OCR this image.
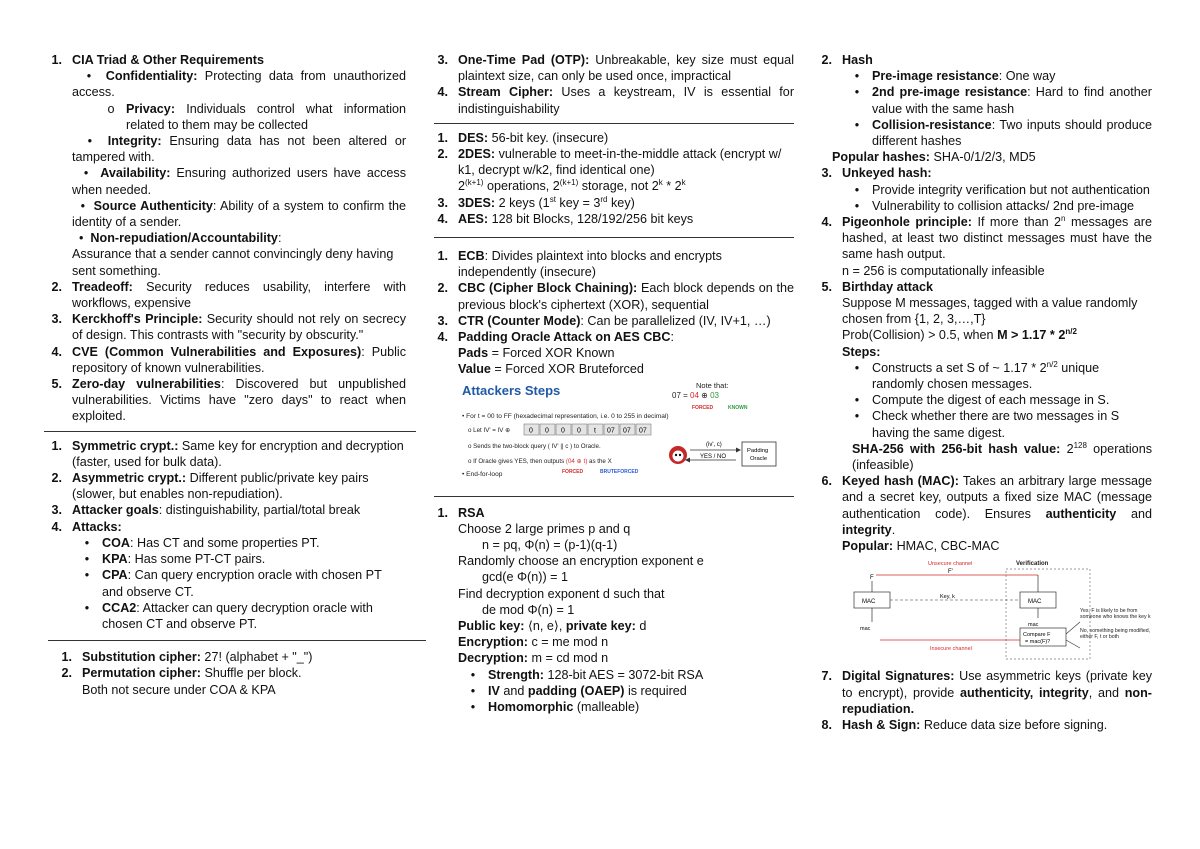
1. CIA Triad & Other Requirements
• Confidentiality: Protecting data from unauthorized access.
o Privacy: Individuals control what information related to them may be collected
• Integrity: Ensuring data has not been altered or tampered with.
• Availability: Ensuring authorized users have access when needed.
• Source Authenticity: Ability of a system to confirm the identity of a sender.
• Non-repudiation/Accountability:
Assurance that a sender cannot convincingly deny having sent something.
2. Treadeoff: Security reduces usability, interfere with workflows, expensive
3. Kerckhoff's Principle: Security should not rely on secrecy of design. This contrasts with "security by obscurity."
4. CVE (Common Vulnerabilities and Exposures): Public repository of known vulnerabilities.
5. Zero-day vulnerabilities: Discovered but unpublished vulnerabilities. Victims have "zero days" to react when exploited.
1. Symmetric crypt.: Same key for encryption and decryption (faster, used for bulk data).
2. Asymmetric crypt.: Different public/private key pairs (slower, but enables non-repudiation).
3. Attacker goals: distinguishability, partial/total break
4. Attacks:
•	COA: Has CT and some properties PT.
•	KPA: Has some PT-CT pairs.
•	CPA: Can query encryption oracle with chosen PT and observe CT.
•	CCA2: Attacker can query decryption oracle with chosen CT and observe PT.
1. Substitution cipher: 27! (alphabet + "_")
2. Permutation cipher: Shuffle per block.
Both not secure under COA & KPA
3. One-Time Pad (OTP): Unbreakable, key size must equal plaintext size, can only be used once, impractical
4. Stream Cipher: Uses a keystream, IV is essential for indistinguishability
1. DES: 56-bit key. (insecure)
2. 2DES: vulnerable to meet-in-the-middle attack (encrypt w/ k1, decrypt w/k2, find identical one)
$2^{(k+1)}$ operations, $2^{(k+1)}$ storage, not 2$^k$ * 2$^k$
3. 3DES: 2 keys (1st key = 3rd key)
4. AES: 128 bit Blocks, 128/192/256 bit keys
1. ECB: Divides plaintext into blocks and encrypts independently (insecure)
2. CBC (Cipher Block Chaining): Each block depends on the previous block's ciphertext (XOR), sequential
3. CTR (Counter Mode): Can be parallelized (IV, IV+1, …)
4. Padding Oracle Attack on AES CBC:
Pads = Forced XOR Known
Value = Forced XOR Bruteforced
Attackers Steps	Note that:
07 = 04 ⊕ 03
FORCED	KNOWN
• For t = 00 to FF (hexadecimal representation, i.e. 0 to 255 in decimal)
o Let IV' = IV ⊕	0 0 0 0 t 07 07 07
o Sends the two-block query ( IV' || c ) to Oracle.
o If Oracle gives YES, then outputs (04 ⊕ t) as the X
FORCED	BRUTEFORCED
• End-for-loop
(iv', c)
YES / NO
Padding
Oracle
1. RSA
Choose 2 large primes p and q
n = pq, Φ(n) = (p-1)(q-1)
Randomly choose an encryption exponent e
gcd(e Φ(n)) = 1
Find decryption exponent d such that
de mod Φ(n) = 1
Public key: ⟨n, e⟩, private key: d
Encryption: c = me mod n
Decryption: m = cd mod n
•	Strength: 128-bit AES = 3072-bit RSA
•	IV and padding (OAEP) is required
•	Homomorphic (malleable)
2. Hash
•	Pre-image resistance: One way
•	2nd pre-image resistance: Hard to find another value with the same hash
•	Collision-resistance: Two inputs should produce different hashes
Popular hashes: SHA-0/1/2/3, MD5
3. Unkeyed hash:
•	Provide integrity verification but not authentication
•	Vulnerability to collision attacks/ 2nd pre-image
4. Pigeonhole principle: If more than 2$^n$ messages are hashed, at least two distinct messages must have the same hash output.
n = 256 is computationally infeasible
5. Birthday attack
Suppose M messages, tagged with a value randomly chosen from {1, 2, 3,…,T}
Prob(Collision) > 0.5, when $M > 1.17 * 2^{n/2}$
Steps:
•	Constructs a set S of ~ $1.17 * 2^{n/2}$ unique randomly chosen messages.
•	Compute the digest of each message in S.
•	Check whether there are two messages in S having the same digest.
SHA-256 with 256-bit hash value: $2^{128}$ operations (infeasible)
6. Keyed hash (MAC): Takes an arbitrary large message and a secret key, outputs a fixed size MAC (message authentication code). Ensures authenticity and integrity.
Popular: HMAC, CBC-MAC
Unsecure channel	Verification
F
F'
MAC	MAC
Key, k
mac
mac
Compare F
= mac(F)?
Insecure channel
Yes, F is likely to be from someone who knows the key k
No, something being modified, either F, t or both
7. Digital Signatures: Use asymmetric keys (private key to encrypt), provide authenticity, integrity, and non-repudiation.
8. Hash & Sign: Reduce data size before signing.
